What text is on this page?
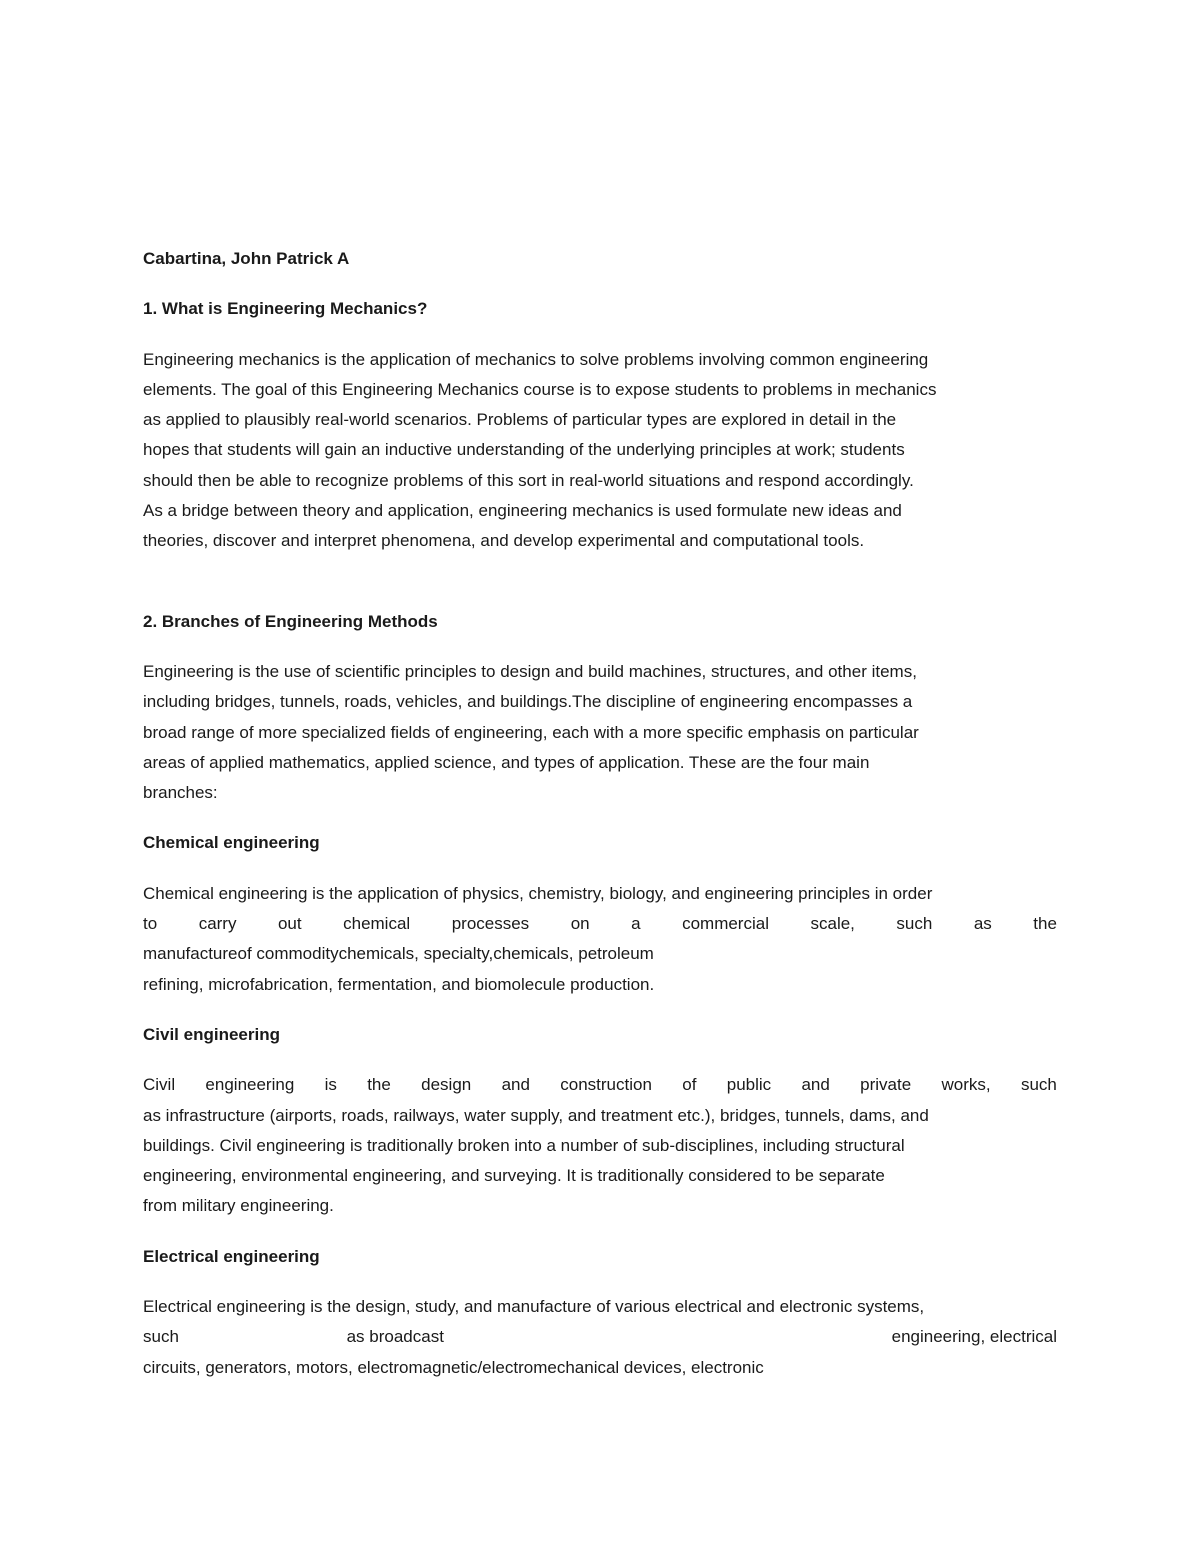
Cabartina, John Patrick A
1. What is Engineering Mechanics?
Engineering mechanics is the application of mechanics to solve problems involving common engineering
elements. The goal of this Engineering Mechanics course is to expose students to problems in mechanics
as applied to plausibly real-world scenarios. Problems of particular types are explored in detail in the
hopes that students will gain an inductive understanding of the underlying principles at work; students
should then be able to recognize problems of this sort in real-world situations and respond accordingly.
As a bridge between theory and application, engineering mechanics is used formulate new ideas and
theories, discover and interpret phenomena, and develop experimental and computational tools.
2. Branches of Engineering Methods
Engineering is the use of scientific principles to design and build machines, structures, and other items,
including bridges, tunnels, roads, vehicles, and buildings.The discipline of engineering encompasses a
broad range of more specialized fields of engineering, each with a more specific emphasis on particular
areas of applied mathematics, applied science, and types of application. These are the four main
branches:
Chemical engineering
Chemical engineering is the application of physics, chemistry, biology, and engineering principles in order
to carry out chemical processes on a commercial scale, such as the
manufactureof commoditychemicals, specialty,chemicals, petroleum
refining, microfabrication, fermentation, and biomolecule production.
Civil engineering
Civil engineering is the design and construction of public and private works, such
as infrastructure (airports, roads, railways, water supply, and treatment etc.), bridges, tunnels, dams, and
buildings. Civil engineering is traditionally broken into a number of sub-disciplines, including structural
engineering, environmental engineering, and surveying. It is traditionally considered to be separate
from military engineering.
Electrical engineering
Electrical engineering is the design, study, and manufacture of various electrical and electronic systems,
such	as broadcast	engineering, electrical
circuits, generators, motors, electromagnetic/electromechanical devices, electronic
